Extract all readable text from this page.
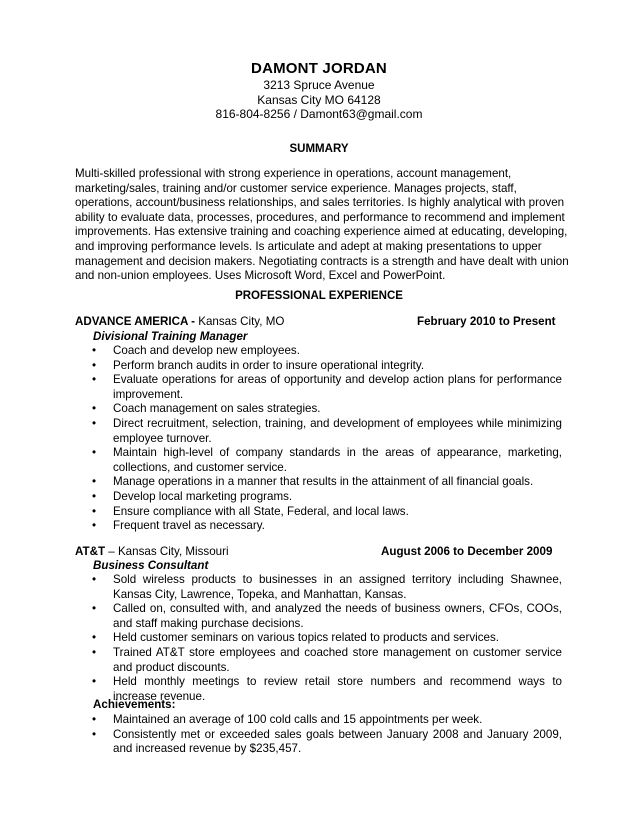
DAMONT JORDAN
3213 Spruce Avenue
Kansas City MO 64128
816-804-8256 / Damont63@gmail.com
SUMMARY
Multi-skilled professional with strong experience in operations, account management, marketing/sales, training and/or customer service experience. Manages projects, staff, operations, account/business relationships, and sales territories. Is highly analytical with proven ability to evaluate data, processes, procedures, and performance to recommend and implement improvements. Has extensive training and coaching experience aimed at educating, developing, and improving performance levels. Is articulate and adept at making presentations to upper management and decision makers. Negotiating contracts is a strength and have dealt with union and non-union employees. Uses Microsoft Word, Excel and PowerPoint.
PROFESSIONAL EXPERIENCE
ADVANCE AMERICA - Kansas City, MO	February 2010 to Present
Divisional Training Manager
• Coach and develop new employees.
• Perform branch audits in order to insure operational integrity.
• Evaluate operations for areas of opportunity and develop action plans for performance improvement.
• Coach management on sales strategies.
• Direct recruitment, selection, training, and development of employees while minimizing employee turnover.
• Maintain high-level of company standards in the areas of appearance, marketing, collections, and customer service.
• Manage operations in a manner that results in the attainment of all financial goals.
• Develop local marketing programs.
• Ensure compliance with all State, Federal, and local laws.
• Frequent travel as necessary.
AT&T – Kansas City, Missouri	August 2006 to December 2009
Business Consultant
• Sold wireless products to businesses in an assigned territory including Shawnee, Kansas City, Lawrence, Topeka, and Manhattan, Kansas.
• Called on, consulted with, and analyzed the needs of business owners, CFOs, COOs, and staff making purchase decisions.
• Held customer seminars on various topics related to products and services.
• Trained AT&T store employees and coached store management on customer service and product discounts.
• Held monthly meetings to review retail store numbers and recommend ways to increase revenue.
Achievements:
• Maintained an average of 100 cold calls and 15 appointments per week.
• Consistently met or exceeded sales goals between January 2008 and January 2009, and increased revenue by $235,457.
